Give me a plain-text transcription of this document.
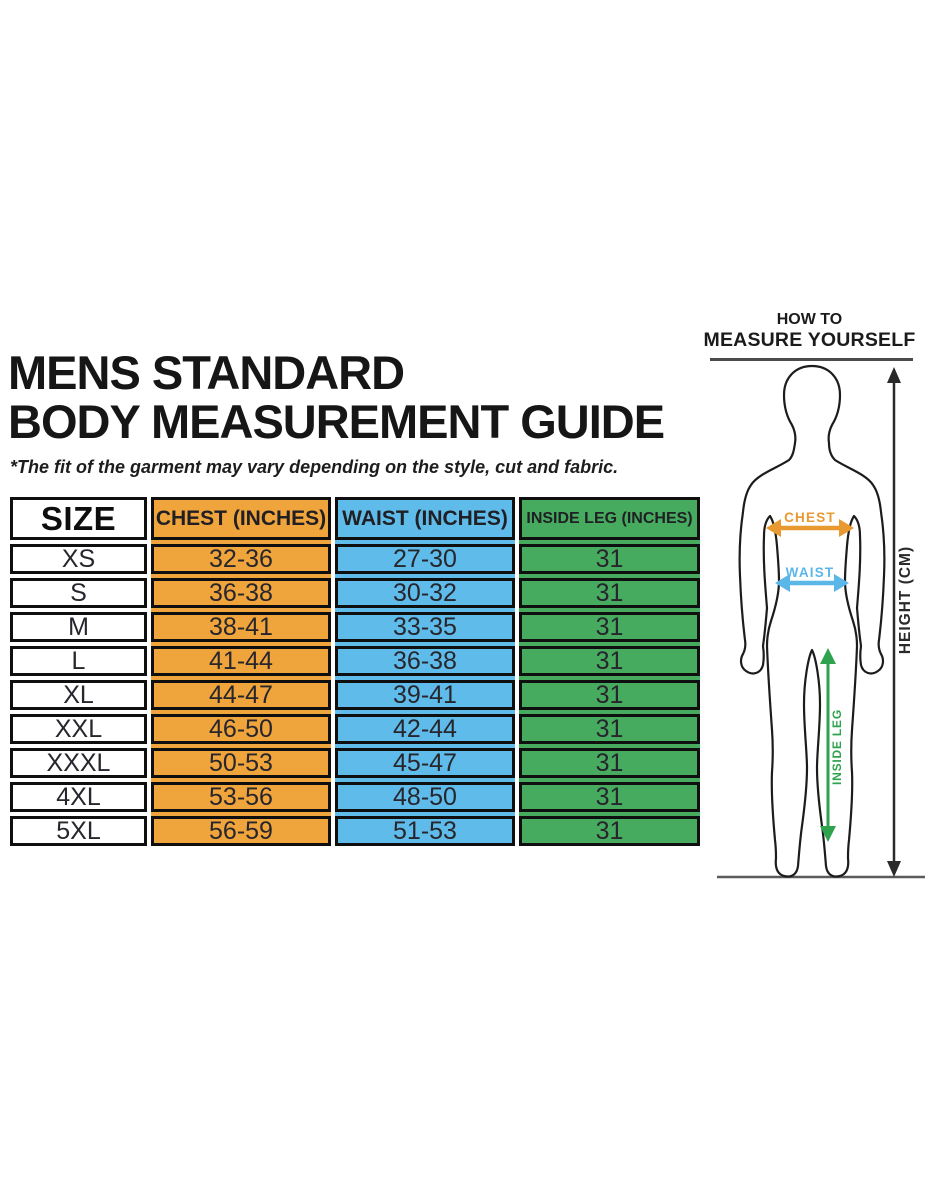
MENS STANDARD
BODY MEASUREMENT GUIDE
*The fit of the garment may vary depending on the style, cut and fabric.
SIZE
XS
S
M
L
XL
XXL
XXXL
4XL
5XL
CHEST (INCHES)
32-36
36-38
38-41
41-44
44-47
46-50
50-53
53-56
56-59
WAIST (INCHES)
27-30
30-32
33-35
36-38
39-41
42-44
45-47
48-50
51-53
INSIDE LEG (INCHES)
31
31
31
31
31
31
31
31
31
HOW TO
MEASURE YOURSELF
HEIGHT (CM)
CHEST
WAIST
INSIDE LEG
